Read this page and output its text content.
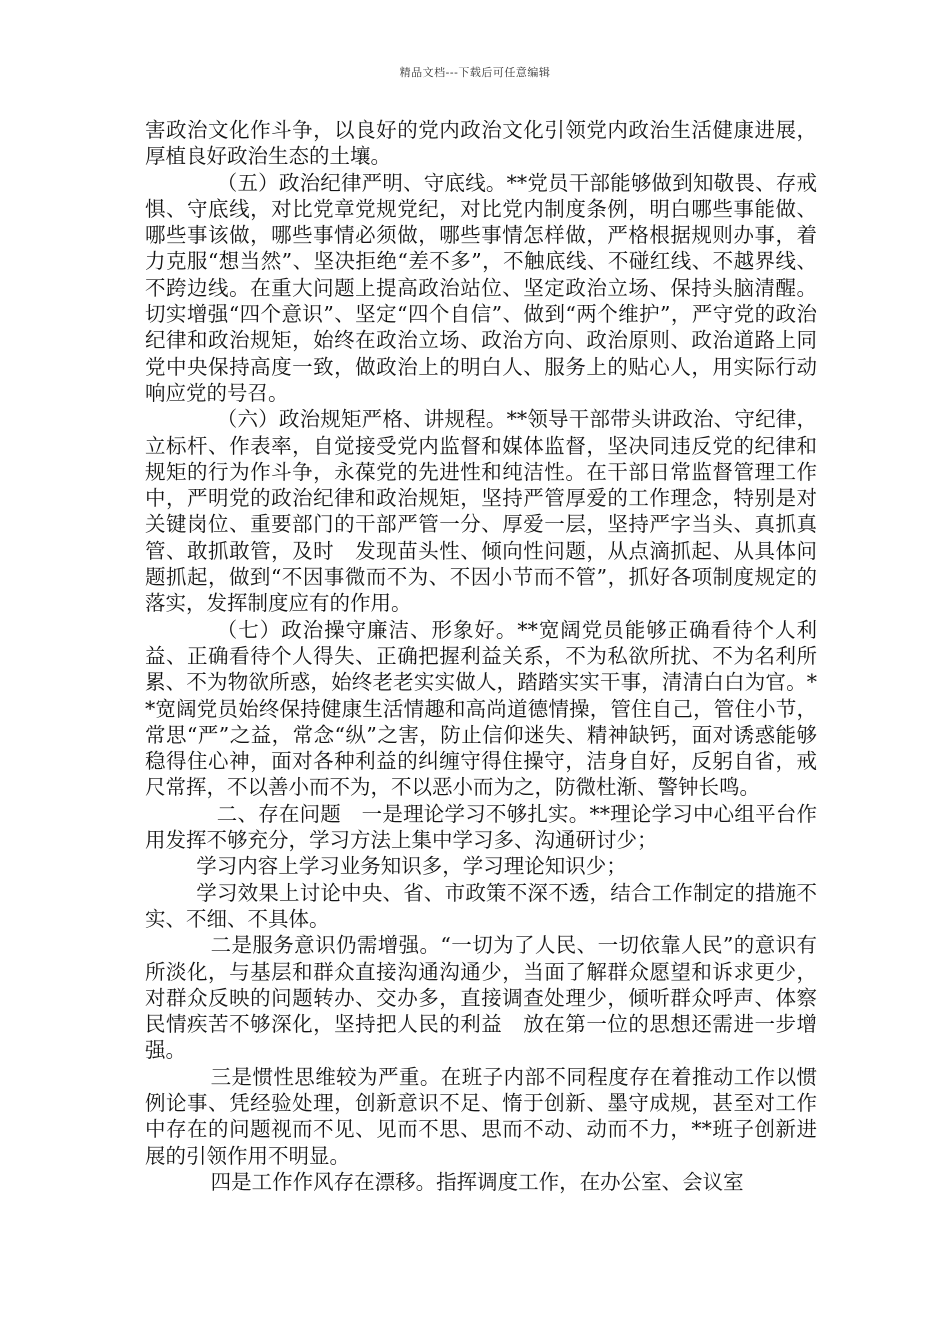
精品文档---下载后可任意编辑

害政治文化作斗争，以良好的党内政治文化引领党内政治生活健康进展，厚植良好政治生态的土壤。

（五）政治纪律严明、守底线。**党员干部能够做到知敬畏、存戒惧、守底线，对比党章党规党纪，对比党内制度条例，明白哪些事能做、哪些事该做，哪些事情必须做，哪些事情怎样做，严格根据规则办事，着力克服“想当然”、坚决拒绝“差不多”，不触底线、不碰红线、不越界线、不跨边线。在重大问题上提高政治站位、坚定政治立场、保持头脑清醒。切实增强“四个意识”、坚定“四个自信”、做到“两个维护”，严守党的政治纪律和政治规矩，始终在政治立场、政治方向、政治原则、政治道路上同党中央保持高度一致，做政治上的明白人、服务上的贴心人，用实际行动响应党的号召。

（六）政治规矩严格、讲规程。**领导干部带头讲政治、守纪律，立标杆、作表率，自觉接受党内监督和媒体监督，坚决同违反党的纪律和规矩的行为作斗争，永葆党的先进性和纯洁性。在干部日常监督管理工作中，严明党的政治纪律和政治规矩，坚持严管厚爱的工作理念，特别是对关键岗位、重要部门的干部严管一分、厚爱一层，坚持严字当头、真抓真管、敢抓敢管，及时　发现苗头性、倾向性问题，从点滴抓起、从具体问题抓起，做到“不因事微而不为、不因小节而不管”，抓好各项制度规定的落实，发挥制度应有的作用。

（七）政治操守廉洁、形象好。**宽阔党员能够正确看待个人利益、正确看待个人得失、正确把握利益关系，不为私欲所扰、不为名利所累、不为物欲所惑，始终老老实实做人，踏踏实实干事，清清白白为官。**宽阔党员始终保持健康生活情趣和高尚道德情操，管住自己，管住小节，常思“严”之益，常念“纵”之害，防止信仰迷失、精神缺钙，面对诱惑能够稳得住心神，面对各种利益的纠缠守得住操守，洁身自好，反躬自省，戒尺常挥，不以善小而不为，不以恶小而为之，防微杜渐、警钟长鸣。

二、存在问题　一是理论学习不够扎实。**理论学习中心组平台作用发挥不够充分，学习方法上集中学习多、沟通研讨少；

学习内容上学习业务知识多，学习理论知识少；

学习效果上讨论中央、省、市政策不深不透，结合工作制定的措施不实、不细、不具体。

二是服务意识仍需增强。“一切为了人民、一切依靠人民”的意识有所淡化，与基层和群众直接沟通沟通少，当面了解群众愿望和诉求更少，对群众反映的问题转办、交办多，直接调查处理少，倾听群众呼声、体察民情疾苦不够深化，坚持把人民的利益　放在第一位的思想还需进一步增强。

三是惯性思维较为严重。在班子内部不同程度存在着推动工作以惯例论事、凭经验处理，创新意识不足、惰于创新、墨守成规，甚至对工作中存在的问题视而不见、见而不思、思而不动、动而不力，**班子创新进展的引领作用不明显。

四是工作作风存在漂移。指挥调度工作，在办公室、会议室
